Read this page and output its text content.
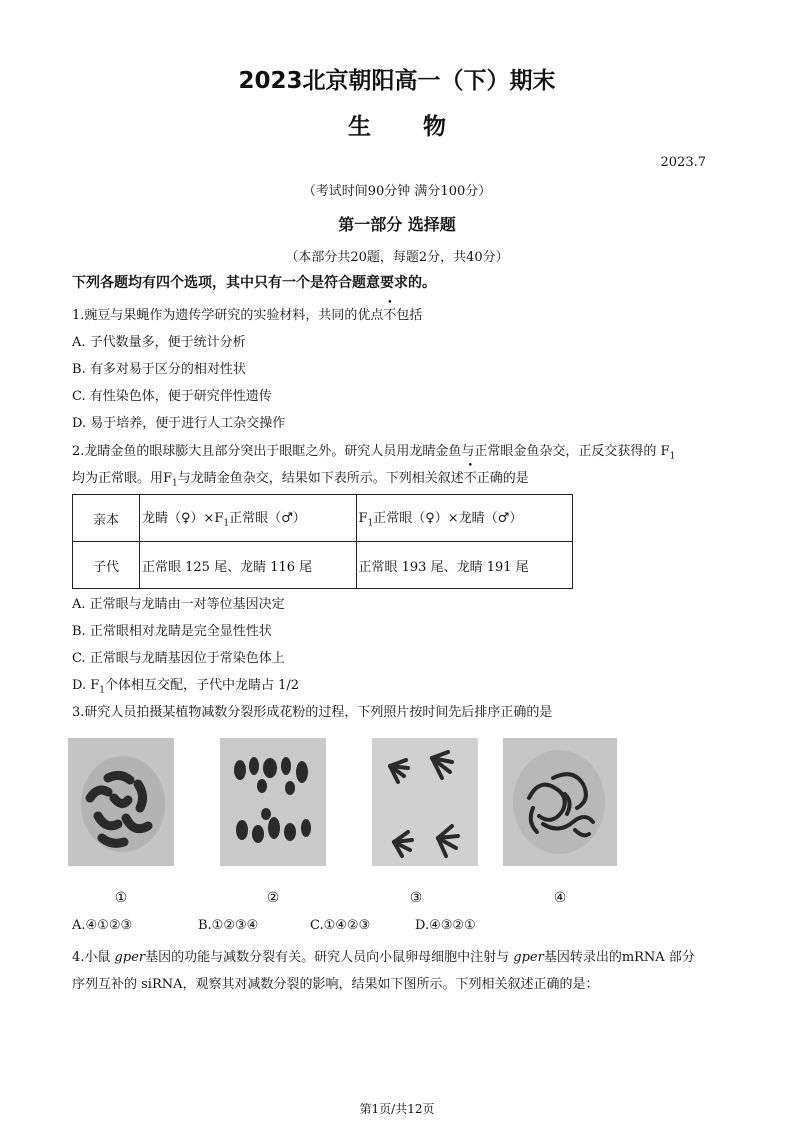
2023北京朝阳高一（下）期末
生 物
2023.7
（考试时间90分钟 满分100分）
第一部分 选择题
（本部分共20题，每题2分，共40分）
下列各题均有四个选项，其中只有一个是符合题意要求的。
1.豌豆与果蝇作为遗传学研究的实验材料，共同的优点不包括
A. 子代数量多，便于统计分析
B. 有多对易于区分的相对性状
C. 有性染色体，便于研究伴性遗传
D. 易于培养，便于进行人工杂交操作
2.龙睛金鱼的眼球膨大且部分突出于眼眶之外。研究人员用龙睛金鱼与正常眼金鱼杂交，正反交获得的 $F_1$
均为正常眼。用$F_1$与龙睛金鱼杂交，结果如下表所示。下列相关叙述不正确的是
亲本	龙睛$(♀)\times F_1$正常眼（♂）	$F_1$正常眼（♀）×龙睛（♂）
子代	正常眼 125 尾、龙睛 116 尾	正常眼 193 尾、龙睛 191 尾
A. 正常眼与龙睛由一对等位基因决定
B. 正常眼相对龙睛是完全显性性状
C. 正常眼与龙睛基因位于常染色体上
D. $F_1$个体相互交配，子代中龙睛占 1/2
3.研究人员拍摄某植物减数分裂形成花粉的过程，下列照片按时间先后排序正确的是
①	②	③	④
A.④①②③	B.①②③④	C.①④②③	D.④③②①
4.小鼠 gper基因的功能与减数分裂有关。研究人员向小鼠卵母细胞中注射与 gper基因转录出的mRNA 部分
序列互补的 siRNA，观察其对减数分裂的影响，结果如下图所示。下列相关叙述正确的是：
第1页/共12页
